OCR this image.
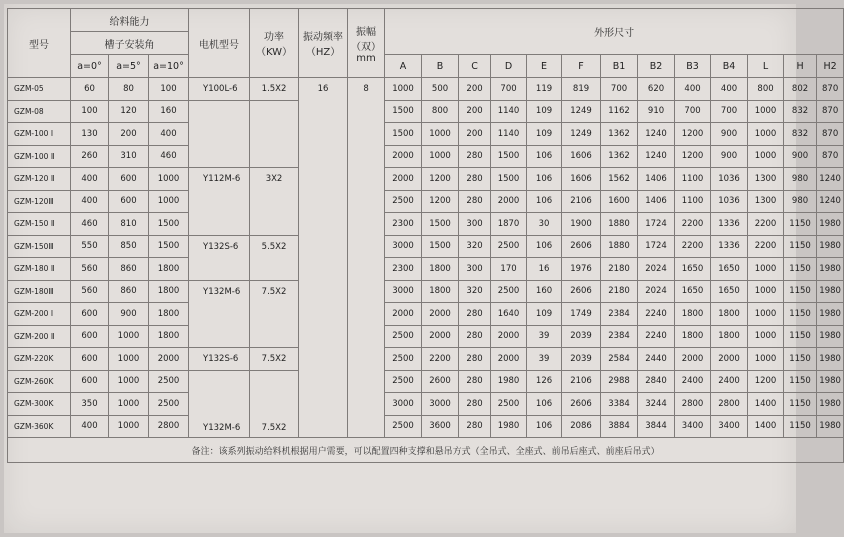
型号	给料能力			电机型号	功率（KW）	振动频率（HZ）	振幅（双）mm	外形尺寸													
	槽子安装角																				
	a=0°	a=5°	a=10°					A	B	C	D	E	F	B1	B2	B3	B4	L	H	H2	
GZM-05	60	80	100	Y100L-6	1.5X2	16	8	1000	500	200	700	119	819	700	620	400	400	800	802	870	
GZM-08	100	120	160					1500	800	200	1140	109	1249	1162	910	700	700	1000	832	870	
GZM-100 Ⅰ	130	200	400					1500	1000	200	1140	109	1249	1362	1240	1200	900	1000	832	870	
GZM-100 Ⅱ	260	310	460					2000	1000	280	1500	106	1606	1362	1240	1200	900	1000	900	870	
GZM-120 Ⅱ	400	600	1000	Y112M-6	3X2			2000	1200	280	1500	106	1606	1562	1406	1100	1036	1300	980	1240	
GZM-120Ⅲ	400	600	1000					2500	1200	280	2000	106	2106	1600	1406	1100	1036	1300	980	1240	
GZM-150 Ⅱ	460	810	1500					2300	1500	300	1870	30	1900	1880	1724	2200	1336	2200	1150	1980	
GZM-150Ⅲ	550	850	1500	Y132S-6	5.5X2			3000	1500	320	2500	106	2606	1880	1724	2200	1336	2200	1150	1980	
GZM-180 Ⅱ	560	860	1800					2300	1800	300	170	16	1976	2180	2024	1650	1650	1000	1150	1980	
GZM-180Ⅲ	560	860	1800	Y132M-6	7.5X2			3000	1800	320	2500	160	2606	2180	2024	1650	1650	1000	1150	1980	
GZM-200 Ⅰ	600	900	1800					2000	2000	280	1640	109	1749	2384	2240	1800	1800	1000	1150	1980	
GZM-200 Ⅱ	600	1000	1800					2500	2000	280	2000	39	2039	2384	2240	1800	1800	1000	1150	1980	
GZM-220K	600	1000	2000	Y132S-6	7.5X2			2500	2200	280	2000	39	2039	2584	2440	2000	2000	1000	1150	1980	
GZM-260K	600	1000	2500	Y132M-6	7.5X2			2500	2600	280	1980	126	2106	2988	2840	2400	2400	1200	1150	1980	
GZM-300K	350	1000	2500					3000	3000	280	2500	106	2606	3384	3244	2800	2800	1400	1150	1980	
GZM-360K	400	1000	2800					2500	3600	280	1980	106	2086	3884	3844	3400	3400	1400	1150	1980	
备注：该系列振动给料机根据用户需要，可以配置四种支撑和悬吊方式（全吊式、全座式、前吊后座式、前座后吊式）																					
